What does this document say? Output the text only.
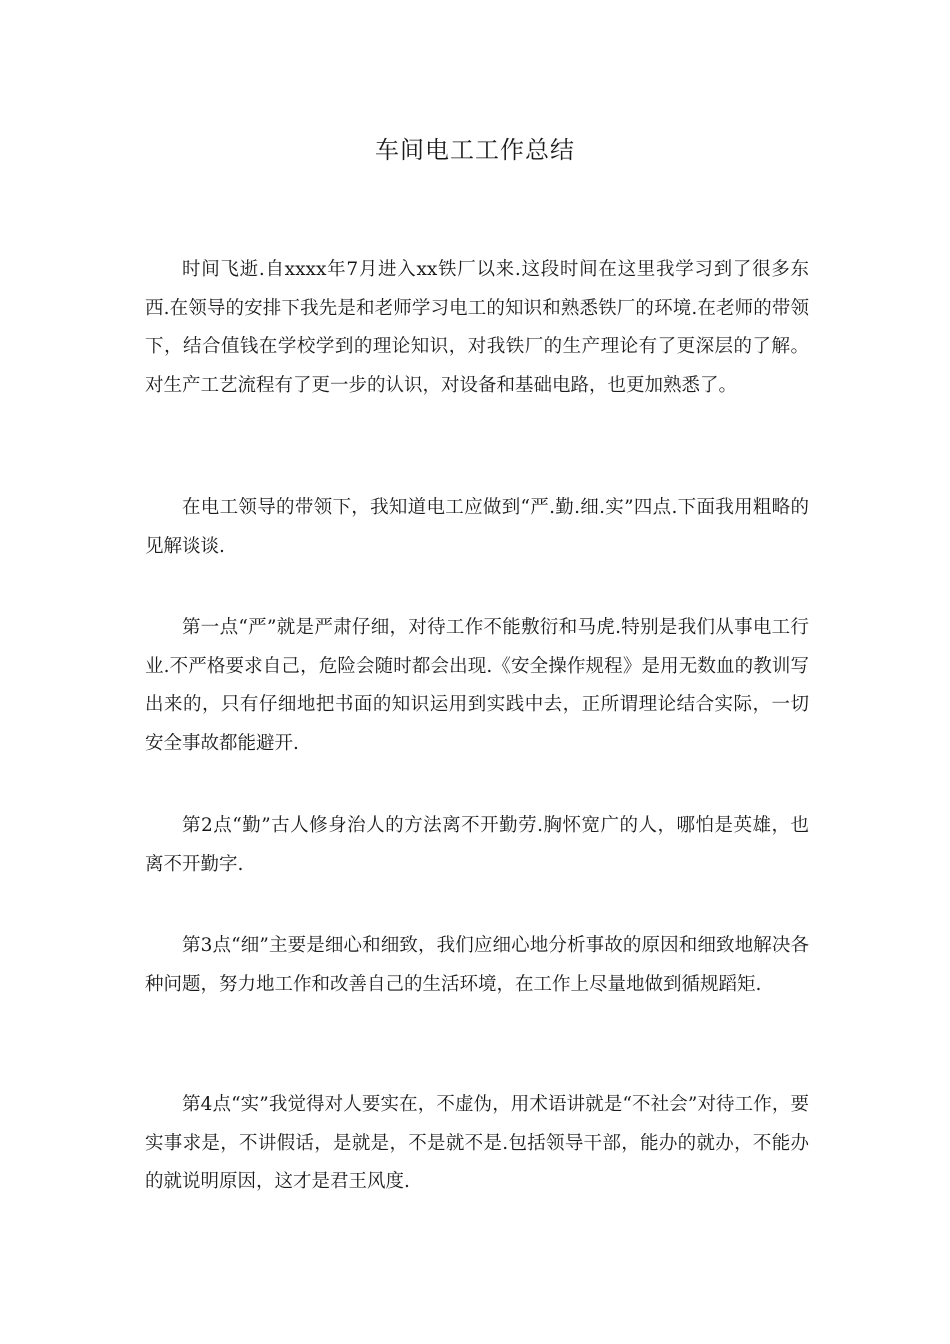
车间电工工作总结

时间飞逝.自xxxx年7月进入xx铁厂以来.这段时间在这里我学习到了很多东西.在领导的安排下我先是和老师学习电工的知识和熟悉铁厂的环境.在老师的带领下，结合值钱在学校学到的理论知识，对我铁厂的生产理论有了更深层的了解。对生产工艺流程有了更一步的认识，对设备和基础电路，也更加熟悉了。

在电工领导的带领下，我知道电工应做到“严.勤.细.实”四点.下面我用粗略的见解谈谈.

第一点“严”就是严肃仔细，对待工作不能敷衍和马虎.特别是我们从事电工行业.不严格要求自己，危险会随时都会出现.《安全操作规程》是用无数血的教训写出来的，只有仔细地把书面的知识运用到实践中去，正所谓理论结合实际，一切安全事故都能避开.

第2点“勤”古人修身治人的方法离不开勤劳.胸怀宽广的人，哪怕是英雄，也离不开勤字.

第3点“细”主要是细心和细致，我们应细心地分析事故的原因和细致地解决各种问题，努力地工作和改善自己的生活环境，在工作上尽量地做到循规蹈矩.

第4点“实”我觉得对人要实在，不虚伪，用术语讲就是“不社会”对待工作，要实事求是，不讲假话，是就是，不是就不是.包括领导干部，能办的就办，不能办的就说明原因，这才是君王风度.
